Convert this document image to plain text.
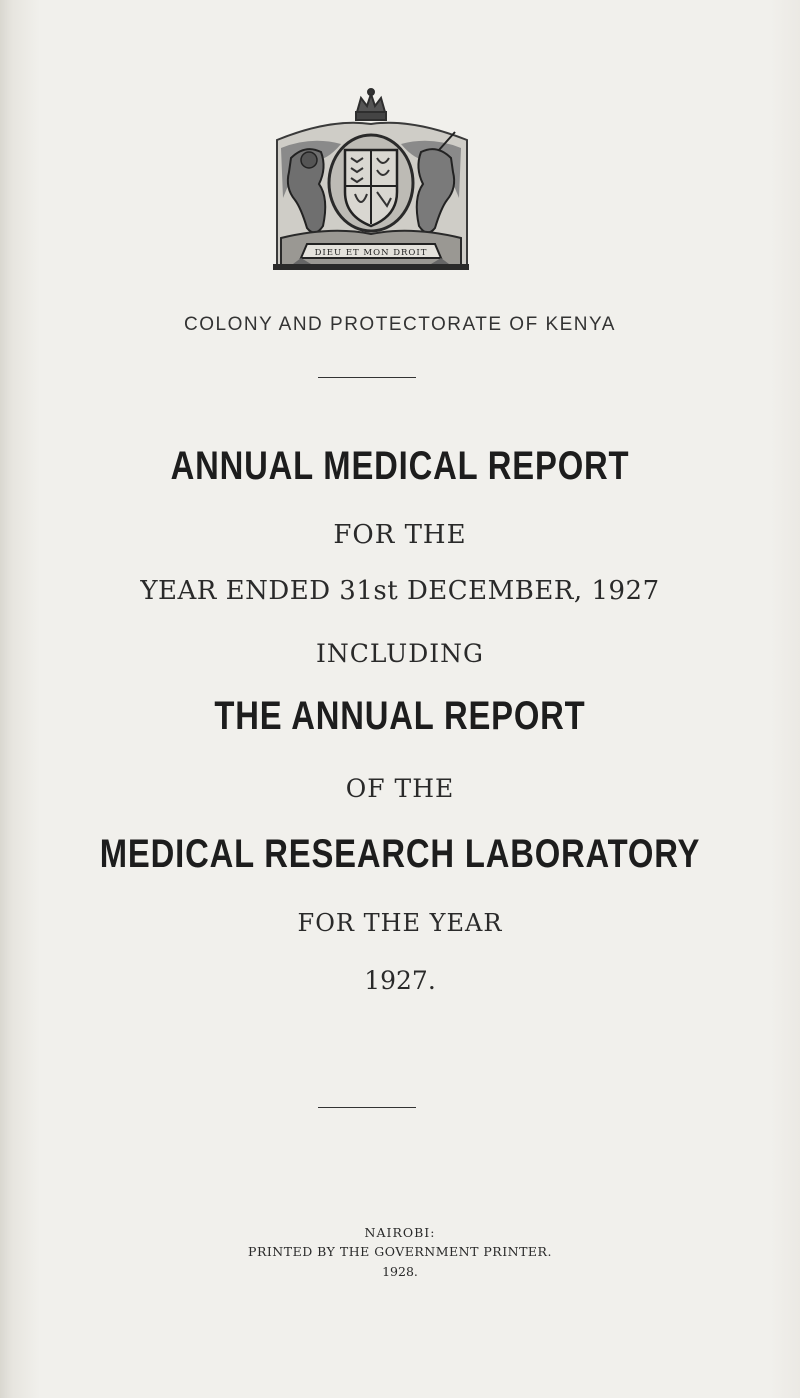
DIEU ET MON DROIT
COLONY AND PROTECTORATE OF KENYA
ANNUAL MEDICAL REPORT
FOR THE
YEAR ENDED 31st DECEMBER, 1927
INCLUDING
THE ANNUAL REPORT
OF THE
MEDICAL RESEARCH LABORATORY
FOR THE YEAR
1927.
NAIROBI:
PRINTED BY THE GOVERNMENT PRINTER.
1928.
